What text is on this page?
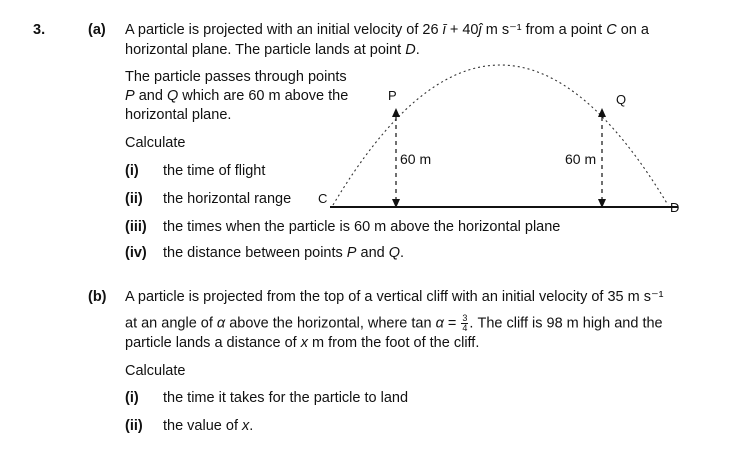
3.	(a) A particle is projected with an initial velocity of 26 ī + 40ĵ m s⁻¹ from a point C on a
horizontal plane. The particle lands at point D.
The particle passes through points
P and Q which are 60 m above the
horizontal plane.
Calculate
(i) the time of flight
(ii) the horizontal range
(iii) the times when the particle is 60 m above the horizontal plane
(iv) the distance between points P and Q.
P	Q
C
D
60 m	60 m
(b) A particle is projected from the top of a vertical cliff with an initial velocity of 35 m s⁻¹
at an angle of α above the horizontal, where $\tan \alpha = \frac{3}{4}$ . The cliff is 98 m high and the
particle lands a distance of x m from the foot of the cliff.
Calculate
(i) the time it takes for the particle to land
(ii) the value of x.
